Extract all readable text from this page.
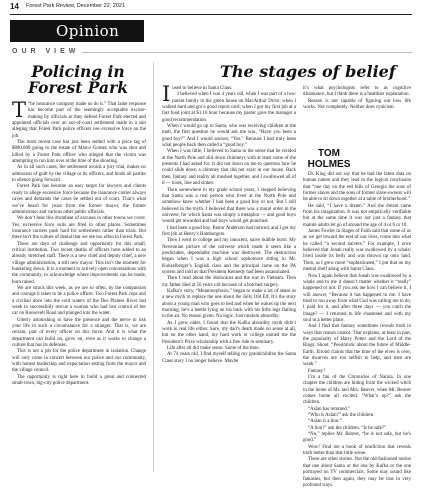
14 Forest Park Review, December 22, 2021
Opinion
OUR VIEW
Policing in Forest Park
T “he insurance company made us do it.” That lame response has become part of the seemingly acceptable excuse-making by officials as they defend Forest Park elected and appointed officials over an out-of-court settlement made in a suit alleging that Forest Park police officers use excessive force on the job.

The most recent case has just been settled with a price tag of $800,000 going to the estate of Marco Gomez who was shot and killed by a Forest Park officer who alleged that the victim was attempting to run him over at the time of the shooting.

As in all such cases, the settlement avoids a jury trial, makes no admission of guilt by the village or its officers, and binds all parties to silence going forward.

Forest Park has become an easy target for lawyers and clients ready to allege excessive force because the insurance carrier always caves and demands the cases be settled out of court. That’s what we’ve heard for years from the former mayor, the former administrator and various other public officials.

We don’t hear this drumbeat of excuses in other towns we cover. Yes, excessive force suits are filed in other places. Sometimes insurance carriers push hard for settlements rather than trials. But there isn’t the culture of denial that we see too often in Forest Park.

These are days of challenge and opportunity for this small, critical institution. Two recent deaths of officers have added to an already stretched staff. There is a new chief and deputy chief, a new village administration, a still new mayor. This isn’t the moment for hunkering down. It is a moment to actively open conversations with the community, to acknowledge where improvements can be made, burn raised.

We are struck this week, as we are so often, by the compassion and courage it takes to be a police officer. Two Forest Park cops and a civilian dove into the cold waters of the Des Plaines River last week to successfully rescue a woman who had lost control of her car on Roosevelt Road and plunged into the water.

Utterly astonishing to have the presence and the nerve to risk your life in such a circumstance for a stranger. That is, we are certain, part of every officer on this force. And it is what the department can build on, grow on, even as it works to change a culture that has its defenses.

This is not a job for the police department in isolation. Change will only come in concert between our police and our community, with honest leadership and expectation setting from the mayor and the village council.

The opportunity is right here to build a great and connected small-town, big-city police department.

The stages of belief
I used to believe in Santa Claus.

I believed when I was 4 years old, when I was part of a two-parent family in the green house on MacArthur Drive; when I walked hard and got a good report card; when I got my first job at a fast food joint at $1.10 hour because my pastor gave the manager a good recommendation.

When I would go up to Santa, who was receiving children at the mall, the first question he would ask me was, “Have you been a good boy?” And I would answer, “Yes.” Because I had truly been what people back then called a “good boy.”

When I was little, I believed in Santa in the sense that he resided at the North Pole and slid down chimneys with at least some of the presents I had asked for. It did not dawn on me to question how he could slide down a chimney that did not exist in our house. Back then, fantasy and reality all mushed together, and I swallowed all of it — hook, line and sinker.

Then somewhere in my grade school years, I stopped believing that Santa was a real person who lived at the North Pole and somehow knew whether I had been a good boy or not. But I still believed in the myth. I believed that there was a moral order in the universe, for which Santa was simply a metaphor — and good boys would get rewarded and bad boys would get punished.

I had been a good boy. Pastor Anderson had noticed, and I got my first job at Henry’s Hamburgers.

Then I went to college and my innocent, naive bubble burst. My Newtonian picture of the universe which made it seem like a predictable, dependable machine was destroyed. The destruction began when I was a high school sophomore sitting in Mr. Kunzelberger’s English class and the principal came on the PA system and told us that President Kennedy had been assassinated.

Then I read about the Holocaust and the war in Vietnam. Then my father died at 50 years old because of a botched surgery.

Kafka’s story, “Metamorphosis,” began to make a lot of sense as a new myth to replace the one about the Jolly Old Elf. It’s the story about a young man who goes to bed and when he wakes up the next morning, he’s a beetle lying on his back with his little legs flailing in the air. No reason given. No logic. Just random absurdity.

As I grew older, I found that the Kafka absurdity myth didn’t work in real life either. Sure, my dad’s death made no sense at all, but on the other hand, my hard work in college earned me the President’s Prize scholarship with a free ride in seminary.

Life after all did make sense. Some of the time.

At 74 years old, I find myself telling my grandchildren the Santa Claus story I no longer believe. Maybe

TOM HOLMES

it’s what psychologists refer to as cognitive dissonance, but I think there is a healthier explanation.

Reason is not capable of figuring out how life works. Not completely. Neither does cynicism.

Dr. King did not say that he had the latest data on human nature and they lead to the logical conclusion that “one day on the red hills of Georgia the sons of former slaves and the sons of former slave-owners will be able to sit down together at a table of brotherhood.”

He said, “I have a dream.” And the dream came from his imagination. It was not empirically verifiable but at the same time it was not just a fantasy that mature adults let go of around the age of 4 or 6 or 10.

James Fowler in Stages of Faith said that some of us as we get toward the end of our lives, come into what he called “a second naivete.” For example, I once believed that Jonah really was swallowed by a whale; lived inside its belly and was thrown up onto land. Then, as I grew more “sophisticated,” I put that on my mental shelf along with Santa Claus.

Now I again believe that Jonah was swallowed by a whale and to me it doesn’t matter whether it “really” happened or not. If you ask me how I can believe it, I will answer, “Because it has happened to me. I have tried to run away from what God was calling me to do, I paid for it, and after three days — you catch the image? — I returned to life chastened and with my soul in a better place.

And I find that fantasy sometimes reveals truth in ways that reason cannot. That explains, at least in part, the popularity of Harry Potter and the Lord of the Rings. Shoot. “Pessimistic about the future of Middle-Earth, Elrond claims that the time of the elves is over, the dwarves are too selfish to help, and men are weak.”

Fantasy?

I’m a fan of the Chronicles of Narnia. In one chapter the children are hiding from the wicked witch in the home of Mr. and Mrs. Beaver, when Mr. Beaver comes home all excited. “What’s up?” ask the children.

“Aslan has returned.”

“Who is Aslan?” ask the children.

“Aslan is a lion.”

“A lion?” ask the children. “Is he safe?”

“No,” replies Mr. Beaver, “he is not safe, but he’s good.”

Wow! Find me a book of nonfiction that reveals truth better than that little scene.

There are other stories. Not the old-fashioned notion that one about Santa or the one by Kafka or the one portrayed on TV commercials. Some may sound like fantasies, but then again, they may be true in very profound ways.
